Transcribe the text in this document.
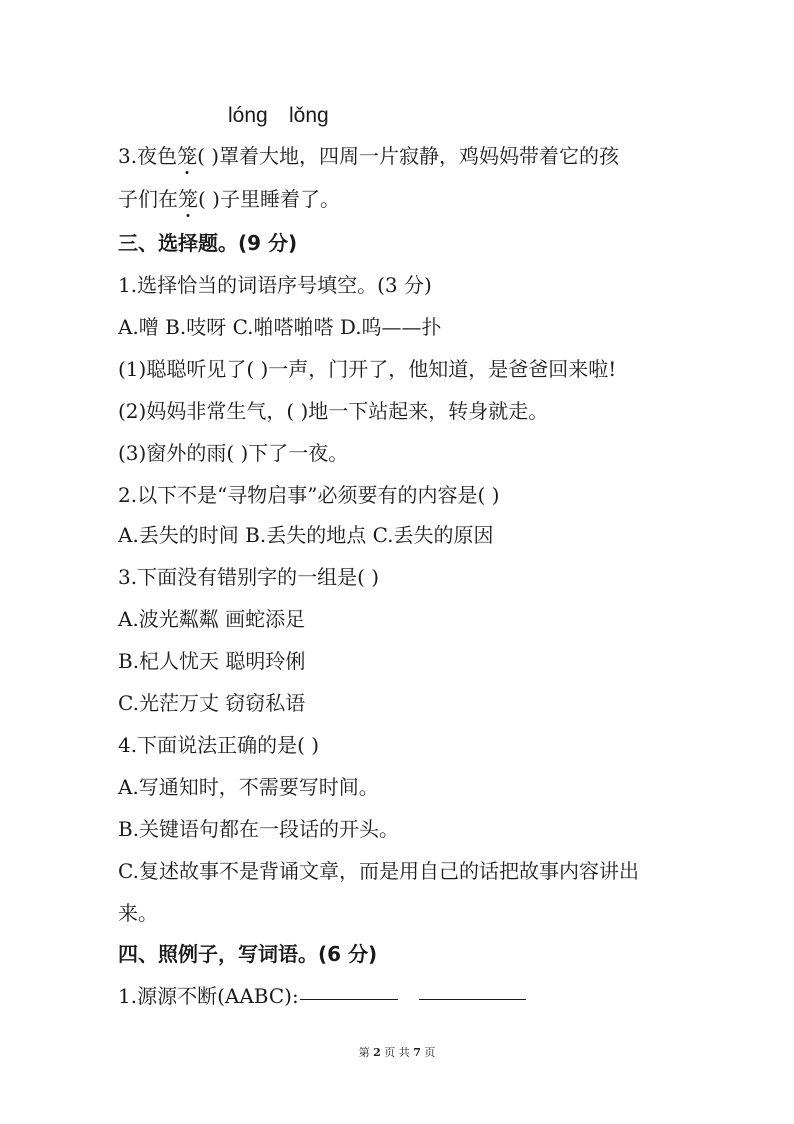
lóng lǒng
3.夜色笼( )罩着大地，四周一片寂静，鸡妈妈带着它的孩
子们在笼( )子里睡着了。
三、选择题。(9 分)
1.选择恰当的词语序号填空。(3 分)
A.噌 B.吱呀 C.啪嗒啪嗒 D.呜——扑
(1)聪聪听见了( )一声，门开了，他知道，是爸爸回来啦!
(2)妈妈非常生气，( )地一下站起来，转身就走。
(3)窗外的雨( )下了一夜。
2.以下不是“寻物启事”必须要有的内容是( )
A.丢失的时间 B.丢失的地点 C.丢失的原因
3.下面没有错别字的一组是( )
A.波光粼粼 画蛇添足
B.杞人忧天 聪明玲俐
C.光茫万丈 窃窃私语
4.下面说法正确的是( )
A.写通知时，不需要写时间。
B.关键语句都在一段话的开头。
C.复述故事不是背诵文章，而是用自己的话把故事内容讲出
来。
四、照例子，写词语。(6 分)
1.源源不断(AABC):
第 2 页 共 7 页
